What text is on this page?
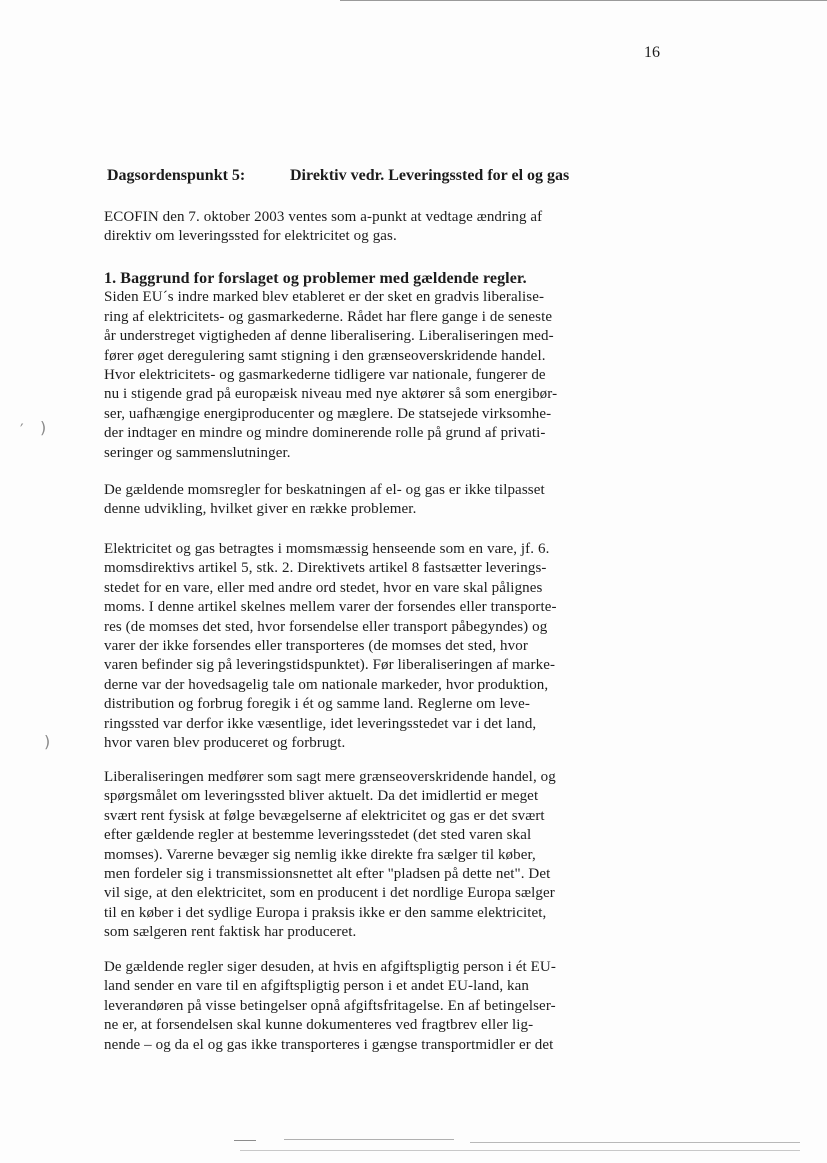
16
Dagsordenspunkt 5:	Direktiv vedr. Leveringssted for el og gas
ECOFIN den 7. oktober 2003 ventes som a-punkt at vedtage ændring af
direktiv om leveringssted for elektricitet og gas.
1. Baggrund for forslaget og problemer med gældende regler.
Siden EU´s indre marked blev etableret er der sket en gradvis liberalise-
ring af elektricitets- og gasmarkederne. Rådet har flere gange i de seneste
år understreget vigtigheden af denne liberalisering. Liberaliseringen med-
fører øget deregulering samt stigning i den grænseoverskridende handel.
Hvor elektricitets- og gasmarkederne tidligere var nationale, fungerer de
nu i stigende grad på europæisk niveau med nye aktører så som energibør-
ser, uafhængige energiproducenter og mæglere. De statsejede virksomhe-
der indtager en mindre og mindre dominerende rolle på grund af privati-
seringer og sammenslutninger.
De gældende momsregler for beskatningen af el- og gas er ikke tilpasset
denne udvikling, hvilket giver en række problemer.
Elektricitet og gas betragtes i momsmæssig henseende som en vare, jf. 6.
momsdirektivs artikel 5, stk. 2. Direktivets artikel 8 fastsætter leverings-
stedet for en vare, eller med andre ord stedet, hvor en vare skal pålignes
moms. I denne artikel skelnes mellem varer der forsendes eller transporte-
res (de momses det sted, hvor forsendelse eller transport påbegyndes) og
varer der ikke forsendes eller transporteres (de momses det sted, hvor
varen befinder sig på leveringstidspunktet). Før liberaliseringen af marke-
derne var der hovedsagelig tale om nationale markeder, hvor produktion,
distribution og forbrug foregik i ét og samme land. Reglerne om leve-
ringssted var derfor ikke væsentlige, idet leveringsstedet var i det land,
hvor varen blev produceret og forbrugt.
Liberaliseringen medfører som sagt mere grænseoverskridende handel, og
spørgsmålet om leveringssted bliver aktuelt. Da det imidlertid er meget
svært rent fysisk at følge bevægelserne af elektricitet og gas er det svært
efter gældende regler at bestemme leveringsstedet (det sted varen skal
momses). Varerne bevæger sig nemlig ikke direkte fra sælger til køber,
men fordeler sig i transmissionsnettet alt efter "pladsen på dette net". Det
vil sige, at den elektricitet, som en producent i det nordlige Europa sælger
til en køber i det sydlige Europa i praksis ikke er den samme elektricitet,
som sælgeren rent faktisk har produceret.
De gældende regler siger desuden, at hvis en afgiftspligtig person i ét EU-
land sender en vare til en afgiftspligtig person i et andet EU-land, kan
leverandøren på visse betingelser opnå afgiftsfritagelse. En af betingelser-
ne er, at forsendelsen skal kunne dokumenteres ved fragtbrev eller lig-
nende – og da el og gas ikke transporteres i gængse transportmidler er det
′ )
)
